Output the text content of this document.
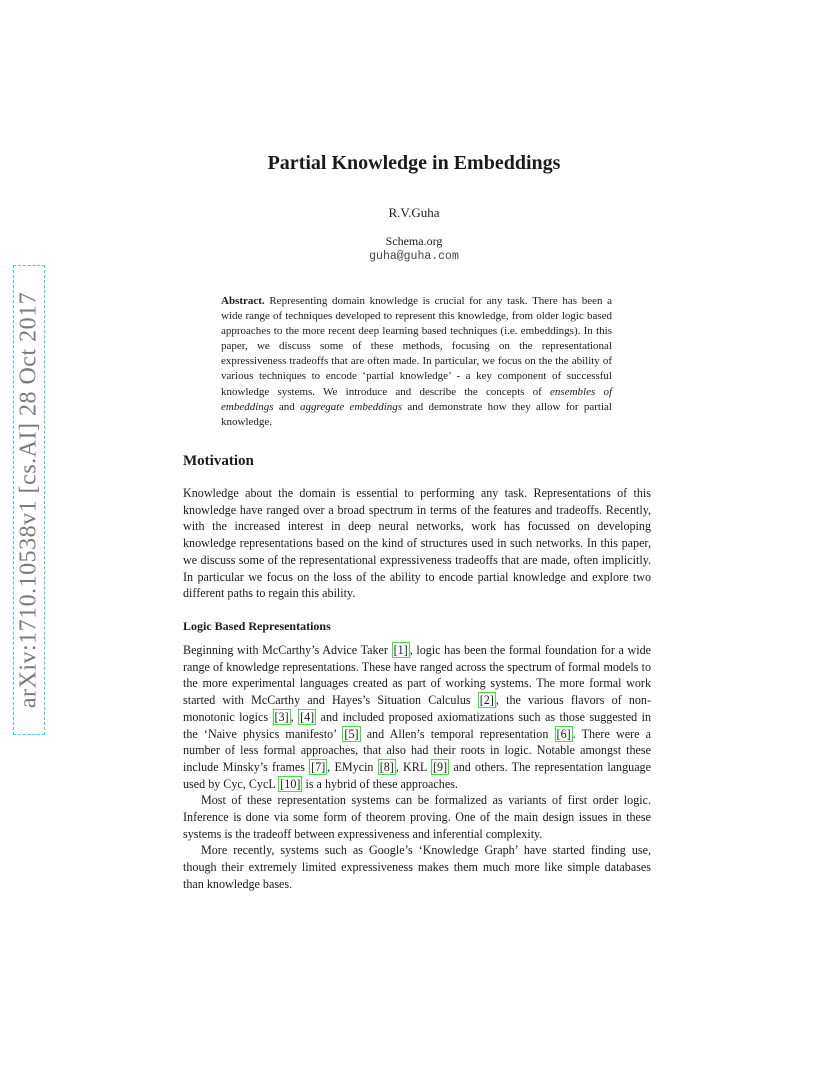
arXiv:1710.10538v1 [cs.AI] 28 Oct 2017
Partial Knowledge in Embeddings
R.V.Guha
Schema.org
guha@guha.com

Abstract. Representing domain knowledge is crucial for any task. There has been a wide range of techniques developed to represent this knowledge, from older logic based approaches to the more recent deep learning based techniques (i.e. embeddings). In this paper, we discuss some of these methods, focusing on the representational expressiveness tradeoffs that are often made. In particular, we focus on the the ability of various techniques to encode ‘partial knowledge’ - a key component of successful knowledge systems. We introduce and describe the concepts of ensembles of embeddings and aggregate embeddings and demonstrate how they allow for partial knowledge.

Motivation

Knowledge about the domain is essential to performing any task. Representations of this knowledge have ranged over a broad spectrum in terms of the features and tradeoffs. Recently, with the increased interest in deep neural networks, work has focussed on developing knowledge representations based on the kind of structures used in such networks. In this paper, we discuss some of the representational expressiveness tradeoffs that are made, often implicitly. In particular we focus on the loss of the ability to encode partial knowledge and explore two different paths to regain this ability.

Logic Based Representations
Beginning with McCarthy’s Advice Taker [1] , logic has been the formal foundation for a wide range of knowledge representations. These have ranged across the spectrum of formal models to the more experimental languages created as part of working systems. The more formal work started with McCarthy and Hayes’s Situation Calculus [2] , the various flavors of non-monotonic logics [3] , [4] and included proposed axiomatizations such as those suggested in the ‘Naive physics manifesto’ [5] and Allen’s temporal representation [6] . There were a number of less formal approaches, that also had their roots in logic. Notable amongst these include Minsky’s frames [7] , EMycin [8] , KRL [9] and others. The representation language used by Cyc, CycL [10] is a hybrid of these approaches.
Most of these representation systems can be formalized as variants of first order logic. Inference is done via some form of theorem proving. One of the main design issues in these systems is the tradeoff between expressiveness and inferential complexity.
More recently, systems such as Google’s ‘Knowledge Graph’ have started finding use, though their extremely limited expressiveness makes them much more like simple databases than knowledge bases.
